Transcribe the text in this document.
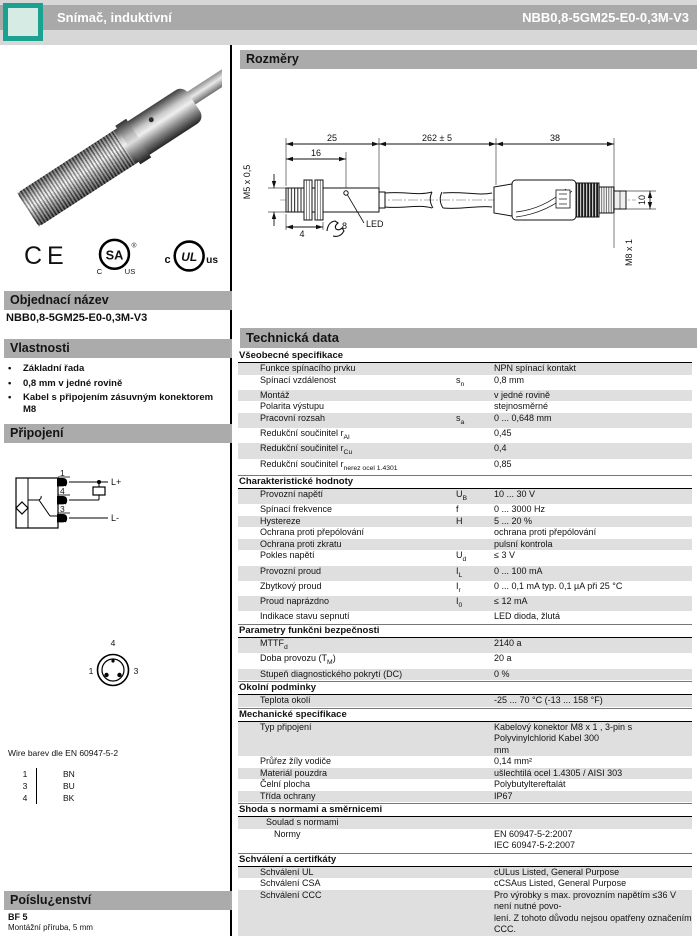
Snímač, induktivní	NBB0,8-5GM25-E0-0,3M-V3
CE SA
®
C	US
c UL us
Objednací název
NBB0,8-5GM25-E0-0,3M-V3
Vlastnosti
•	Základní řada
•	0,8 mm v jedné rovině
•	Kabel s připojením zásuvným konektorem M8
Připojení
1
4
3
L+
L-
4
1	3
Wire barev dle EN 60947-5-2
1	BN
3	BU
4	BK
Poíslu¿enství
BF 5
Montážní příruba, 5 mm
Rozměry
25	262 ± 5	38
16
M5 x 0,5
4
10
M8 x 1
LED
8
Technická data
Všeobecné specifikace
Funkce spínacího prvku	NPN spínací kontakt
Spínací vzdálenost	$s_n$	0,8 mm
Montáž	v jedné rovině
Polarita výstupu	stejnosměrné
Pracovní rozsah	$s_a$	0 ... 0,648 mm
Redukční součinitel $r_{Al}$	0,45
Redukční součinitel $r_{Cu}$	0,4
Redukční součinitel $r_{nerez ocel 1.4301}$	0,85
Charakteristické hodnoty
Provozní napětí	$U_B$	10 ... 30 V
Spínací frekvence	f	0 ... 3000 Hz
Hystereze	H	5 ... 20 %
Ochrana proti přepólování	ochrana proti přepólování
Ochrana proti zkratu	pulsní kontrola
Pokles napětí	$U_d$	≤ 3 V
Provozní proud	$I_L$	0 ... 100 mA
Zbytkový proud	$I_r$	0 ... 0,1 mA typ. 0,1 µA při 25 °C
Proud naprázdno	$I_0$	≤ 12 mA
Indikace stavu sepnutí	LED dioda, žlutá
Parametry funkčni bezpečnosti
$MTTF_d$	2140 a
Doba provozu $(T_M)$	20 a
Stupeň diagnostického pokrytí (DC)	0 %
Okolní podminky
Teplota okolí	-25 ... 70 °C (-13 ... 158 °F)
Mechanické specifikace
Typ připojení	Kabelový konektor M8 x 1 , 3-pin s Polyvinylchlorid Kabel 300
mm
Průřez žíly vodiče	0,14 mm²
Materiál pouzdra	ušlechtilá ocel 1.4305 / AISI 303
Čelní plocha	Polybutyltereftalát
Třída ochrany	IP67
Shoda s normami a směrnicemi
Soulad s normami
Normy	EN 60947-5-2:2007
IEC 60947-5-2:2007
Schválení a certifkáty
Schválení UL	cULus Listed, General Purpose
Schválení CSA	cCSAus Listed, General Purpose
Schválení CCC	Pro výrobky s max. provozním napětím ≤36 V není nutné povo-
lení. Z tohoto důvodu nejsou opatřeny označením CCC.
